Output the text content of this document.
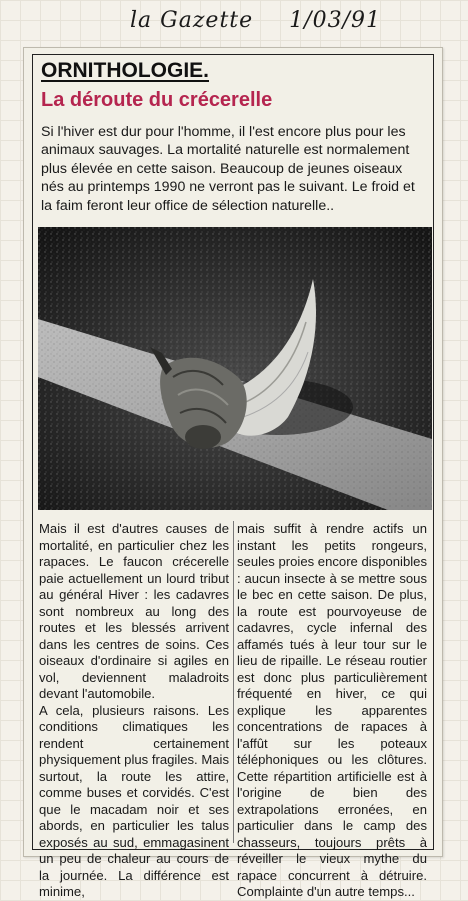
la Gazette 1/03/91
ORNITHOLOGIE.
La déroute du crécerelle

Si l'hiver est dur pour l'homme, il l'est encore plus pour les animaux sauvages. La mortalité naturelle est normalement plus élevée en cette saison. Beaucoup de jeunes oiseaux nés au printemps 1990 ne verront pas le suivant. Le froid et la faim feront leur office de sélection naturelle..

Mais il est d'autres causes de mortalité, en particulier chez les rapaces. Le faucon crécerelle paie actuellement un lourd tribut au général Hiver : les cadavres sont nombreux au long des routes et les blessés arrivent dans les centres de soins. Ces oiseaux d'ordinaire si agiles en vol, deviennent maladroits devant l'automobile.

A cela, plusieurs raisons. Les conditions climatiques les rendent certainement physiquement plus fragiles. Mais surtout, la route les attire, comme buses et corvidés. C'est que le macadam noir et ses abords, en particulier les talus exposés au sud, emmagasinent un peu de chaleur au cours de la journée. La différence est minime,

mais suffit à rendre actifs un instant les petits rongeurs, seules proies encore disponibles : aucun insecte à se mettre sous le bec en cette saison. De plus, la route est pourvoyeuse de cadavres, cycle infernal des affamés tués à leur tour sur le lieu de ripaille. Le réseau routier est donc plus particulièrement fréquenté en hiver, ce qui explique les apparentes concentrations de rapaces à l'affût sur les poteaux téléphoniques ou les clôtures. Cette répartition artificielle est à l'origine de bien des extrapolations erronées, en particulier dans le camp des chasseurs, toujours prêts à réveiller le vieux mythe du rapace concurrent à détruire. Complainte d'un autre temps...
